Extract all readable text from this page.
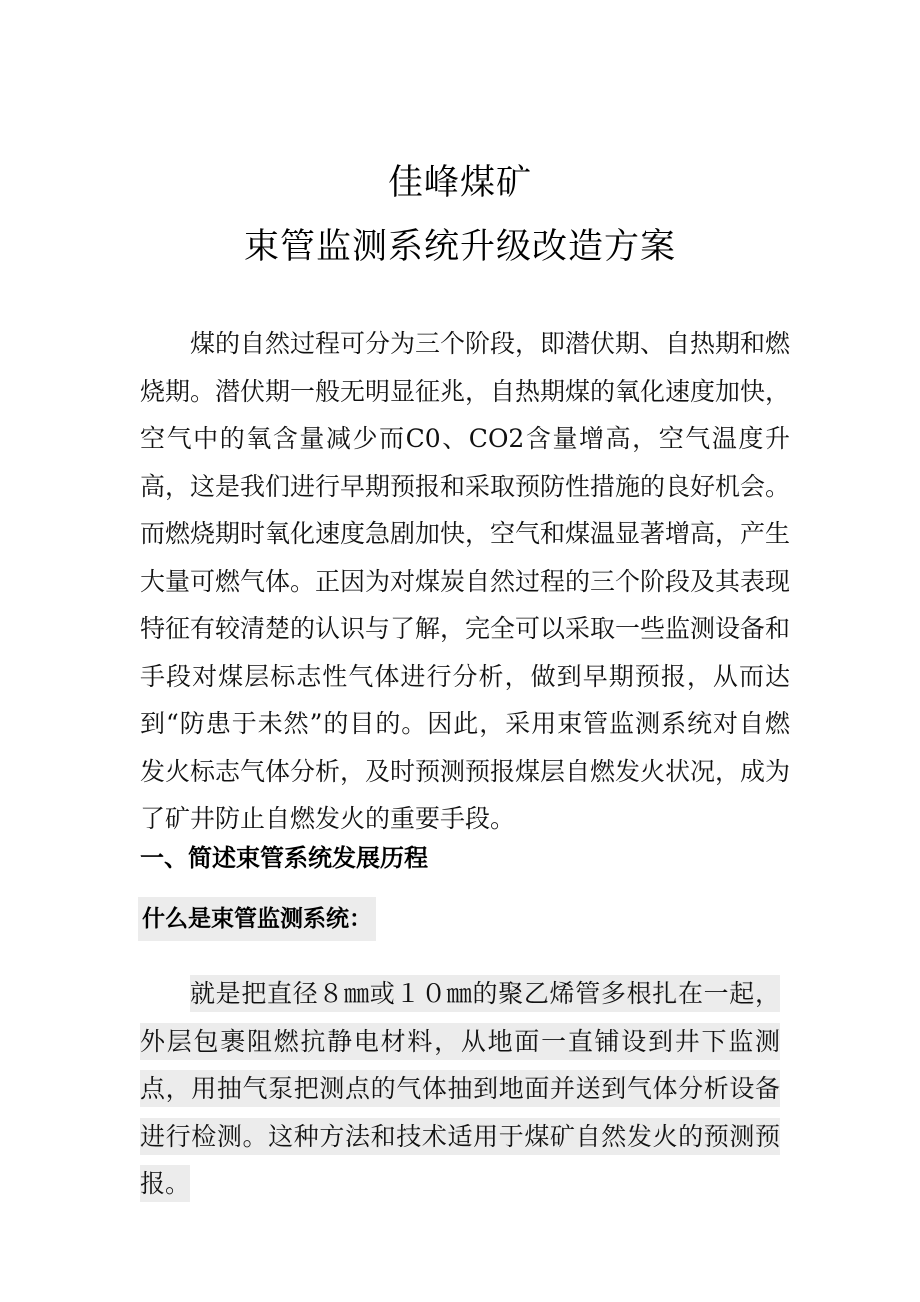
佳峰煤矿
束管监测系统升级改造方案

煤的自然过程可分为三个阶段，即潜伏期、自热期和燃烧期。潜伏期一般无明显征兆，自热期煤的氧化速度加快，空气中的氧含量减少而C0、CO2含量增高，空气温度升高，这是我们进行早期预报和采取预防性措施的良好机会。而燃烧期时氧化速度急剧加快，空气和煤温显著增高，产生大量可燃气体。正因为对煤炭自然过程的三个阶段及其表现特征有较清楚的认识与了解，完全可以采取一些监测设备和手段对煤层标志性气体进行分析，做到早期预报，从而达到“防患于未然”的目的。因此，采用束管监测系统对自燃发火标志气体分析，及时预测预报煤层自燃发火状况，成为了矿井防止自燃发火的重要手段。

一、简述束管系统发展历程
什么是束管监测系统：

就是把直径８㎜或１０㎜的聚乙烯管多根扎在一起，外层包裹阻燃抗静电材料，从地面一直铺设到井下监测点，用抽气泵把测点的气体抽到地面并送到气体分析设备进行检测。这种方法和技术适用于煤矿自然发火的预测预报。
